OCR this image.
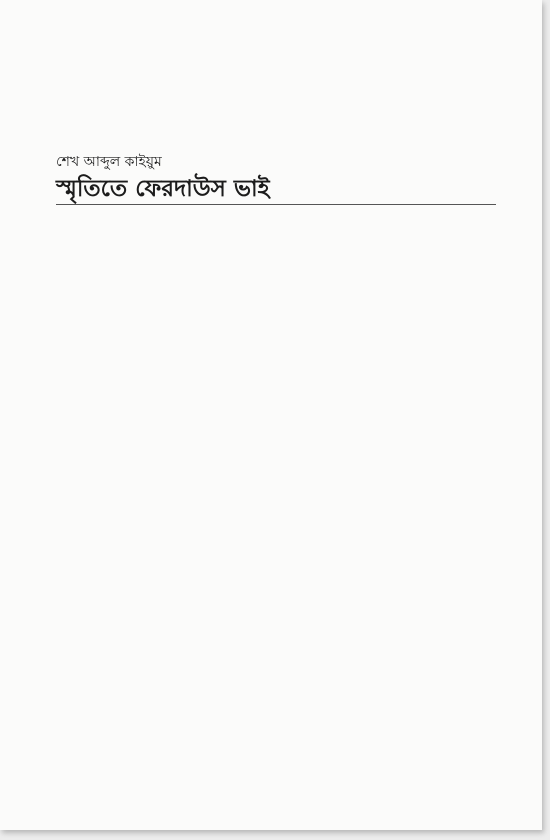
শেখ আব্দুল কাইয়ুম
স্মৃতিতে ফেরদাউস ভাই
